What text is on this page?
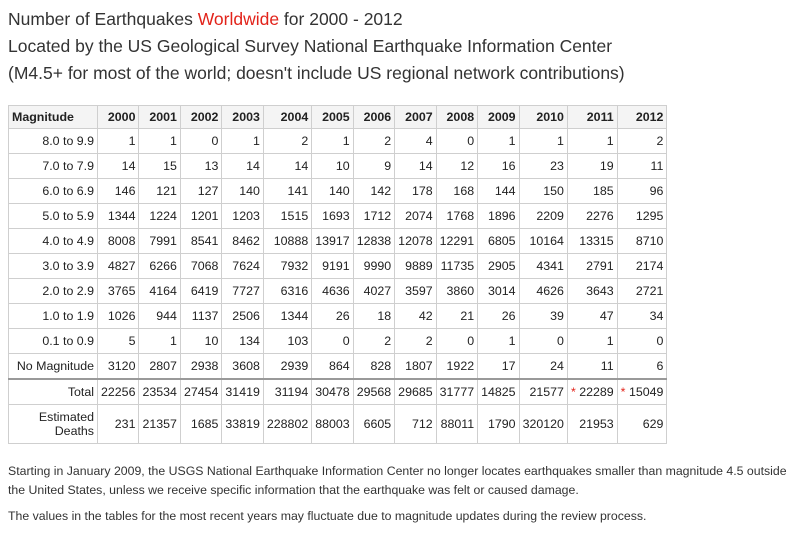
Number of Earthquakes Worldwide for 2000 - 2012
Located by the US Geological Survey National Earthquake Information Center
(M4.5+ for most of the world; doesn't include US regional network contributions)
Magnitude	2000	2001	2002	2003	2004	2005	2006	2007	2008	2009	2010	2011	2012
8.0 to 9.9	1	1	0	1	2	1	2	4	0	1	1	1	2
7.0 to 7.9	14	15	13	14	14	10	9	14	12	16	23	19	11
6.0 to 6.9	146	121	127	140	141	140	142	178	168	144	150	185	96
5.0 to 5.9	1344	1224	1201	1203	1515	1693	1712	2074	1768	1896	2209	2276	1295
4.0 to 4.9	8008	7991	8541	8462	10888	13917	12838	12078	12291	6805	10164	13315	8710
3.0 to 3.9	4827	6266	7068	7624	7932	9191	9990	9889	11735	2905	4341	2791	2174
2.0 to 2.9	3765	4164	6419	7727	6316	4636	4027	3597	3860	3014	4626	3643	2721
1.0 to 1.9	1026	944	1137	2506	1344	26	18	42	21	26	39	47	34
0.1 to 0.9	5	1	10	134	103	0	2	2	0	1	0	1	0
No Magnitude	3120	2807	2938	3608	2939	864	828	1807	1922	17	24	11	6
Total	22256	23534	27454	31419	31194	30478	29568	29685	31777	14825	21577	* 22289	* 15049
Estimated Deaths	231	21357	1685	33819	228802	88003	6605	712	88011	1790	320120	21953	629

Starting in January 2009, the USGS National Earthquake Information Center no longer locates earthquakes smaller than magnitude 4.5 outside the United States, unless we receive specific information that the earthquake was felt or caused damage.

The values in the tables for the most recent years may fluctuate due to magnitude updates during the review process.
